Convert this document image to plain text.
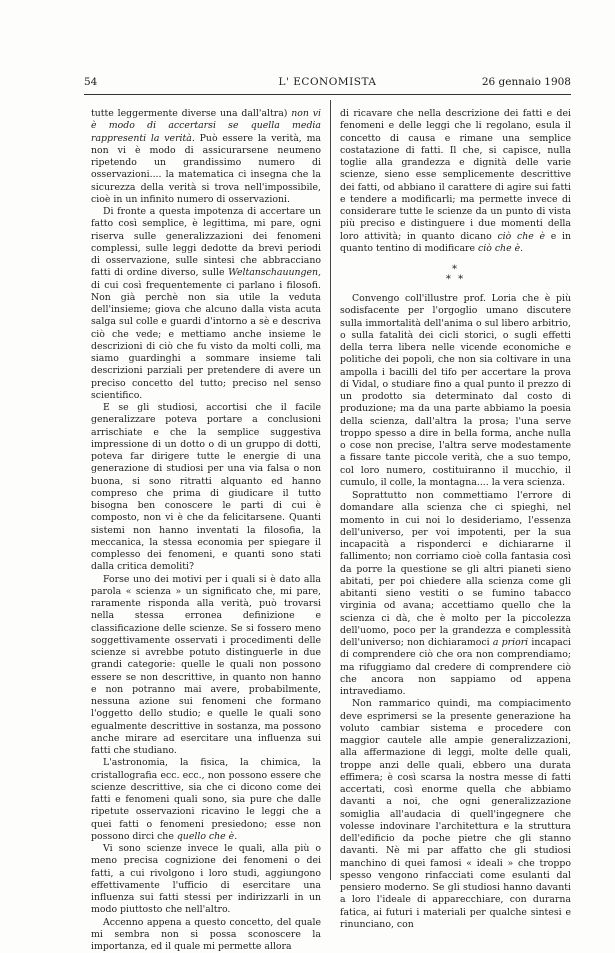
54	L' ECONOMISTA	26 gennaio 1908

tutte leggermente diverse una dall'altra) non vi è modo di accertarsi se quella media rappresenti la verità. Può essere la verità, ma non vi è modo di assicurarsene neumeno ripetendo un grandissimo numero di osservazioni.... la matematica ci insegna che la sicurezza della verità si trova nell'impossibile, cioè in un infinito numero di osservazioni.

Di fronte a questa impotenza di accertare un fatto così semplice, è legittima, mi pare, ogni riserva sulle generalizzazioni dei fenomeni complessi, sulle leggi dedotte da brevi periodi di osservazione, sulle sintesi che abbracciano fatti di ordine diverso, sulle Weltanschauungen, di cui così frequentemente ci parlano i filosofi. Non già perchè non sia utile la veduta dell'insieme; giova che alcuno dalla vista acuta salga sul colle e guardi d'intorno a sè e descriva ciò che vede; e mettiamo anche insieme le descrizioni di ciò che fu visto da molti colli, ma siamo guardinghi a sommare insieme tali descrizioni parziali per pretendere di avere un preciso concetto del tutto; preciso nel senso scientifico.

E se gli studiosi, accortisi che il facile generalizzare poteva portare a conclusioni arrischiate e che la semplice suggestiva impressione di un dotto o di un gruppo di dotti, poteva far dirigere tutte le energie di una generazione di studiosi per una via falsa o non buona, si sono ritratti alquanto ed hanno compreso che prima di giudicare il tutto bisogna ben conoscere le parti di cui è composto, non vi è che da felicitarsene. Quanti sistemi non hanno inventati la filosofia, la meccanica, la stessa economia per spiegare il complesso dei fenomeni, e quanti sono stati dalla critica demoliti?

Forse uno dei motivi per i quali si è dato alla parola « scienza » un significato che, mi pare, raramente risponda alla verità, può trovarsi nella stessa erronea definizione e classificazione delle scienze. Se si fossero meno soggettivamente osservati i procedimenti delle scienze si avrebbe potuto distinguerle in due grandi categorie: quelle le quali non possono essere se non descrittive, in quanto non hanno e non potranno mai avere, probabilmente, nessuna azione sui fenomeni che formano l'oggetto dello studio; e quelle le quali sono egualmente descrittive in sostanza, ma possono anche mirare ad esercitare una influenza sui fatti che studiano.

L'astronomia, la fisica, la chimica, la cristallografia ecc. ecc., non possono essere che scienze descrittive, sia che ci dicono come dei fatti e fenomeni quali sono, sia pure che dalle ripetute osservazioni ricavino le leggi che a quei fatti o fenomeni presiedono; esse non possono dirci che quello che è.

Vi sono scienze invece le quali, alla più o meno precisa cognizione dei fenomeni o dei fatti, a cui rivolgono i loro studi, aggiungono effettivamente l'ufficio di esercitare una influenza sui fatti stessi per indirizzarli in un modo piuttosto che nell'altro.

Accenno appena a questo concetto, del quale mi sembra non si possa sconoscere la importanza, ed il quale mi permette allora

di ricavare che nella descrizione dei fatti e dei fenomeni e delle leggi che li regolano, esula il concetto di causa e rimane una semplice costatazione di fatti. Il che, si capisce, nulla toglie alla grandezza e dignità delle varie scienze, sieno esse semplicemente descrittive dei fatti, od abbiano il carattere di agire sui fatti e tendere a modificarli; ma permette invece di considerare tutte le scienze da un punto di vista più preciso e distinguere i due momenti della loro attività; in quanto dicano ciò che è e in quanto tentino di modificare ciò che è.

*
* *

Convengo coll'illustre prof. Loria che è più sodisfacente per l'orgoglio umano discutere sulla immortalità dell'anima o sul libero arbitrio, o sulla fatalità dei cicli storici, o sugli effetti della terra libera nelle vicende economiche e politiche dei popoli, che non sia coltivare in una ampolla i bacilli del tifo per accertare la prova di Vidal, o studiare fino a qual punto il prezzo di un prodotto sia determinato dal costo di produzione; ma da una parte abbiamo la poesia della scienza, dall'altra la prosa; l'una serve troppo spesso a dire in bella forma, anche nulla o cose non precise, l'altra serve modestamente a fissare tante piccole verità, che a suo tempo, col loro numero, costituiranno il mucchio, il cumulo, il colle, la montagna.... la vera scienza.

Soprattutto non commettiamo l'errore di domandare alla scienza che ci spieghi, nel momento in cui noi lo desideriamo, l'essenza dell'universo, per voi impotenti, per la sua incapacità a risponderci e dichiararne il fallimento; non corriamo cioè colla fantasia così da porre la questione se gli altri pianeti sieno abitati, per poi chiedere alla scienza come gli abitanti sieno vestiti o se fumino tabacco virginia od avana; accettiamo quello che la scienza ci dà, che è molto per la piccolezza dell'uomo, poco per la grandezza e complessità dell'universo; non dichiaramoci a priori incapaci di comprendere ciò che ora non comprendiamo; ma rifuggiamo dal credere di comprendere ciò che ancora non sappiamo od appena intravediamo.

Non rammarico quindi, ma compiacimento deve esprimersi se la presente generazione ha voluto cambiar sistema e procedere con maggior cautele alle ampie generalizzazioni, alla affermazione di leggi, molte delle quali, troppe anzi delle quali, ebbero una durata effimera; è così scarsa la nostra messe di fatti accertati, così enorme quella che abbiamo davanti a noi, che ogni generalizzazione somiglia all'audacia di quell'ingegnere che volesse indovinare l'architettura e la struttura dell'edificio da poche pietre che gli stanno davanti. Nè mi par affatto che gli studiosi manchino di quei famosi « ideali » che troppo spesso vengono rinfacciati come esulanti dal pensiero moderno. Se gli studiosi hanno davanti a loro l'ideale di apparecchiare, con durarna fatica, ai futuri i materiali per qualche sintesi e rinunciano, con
